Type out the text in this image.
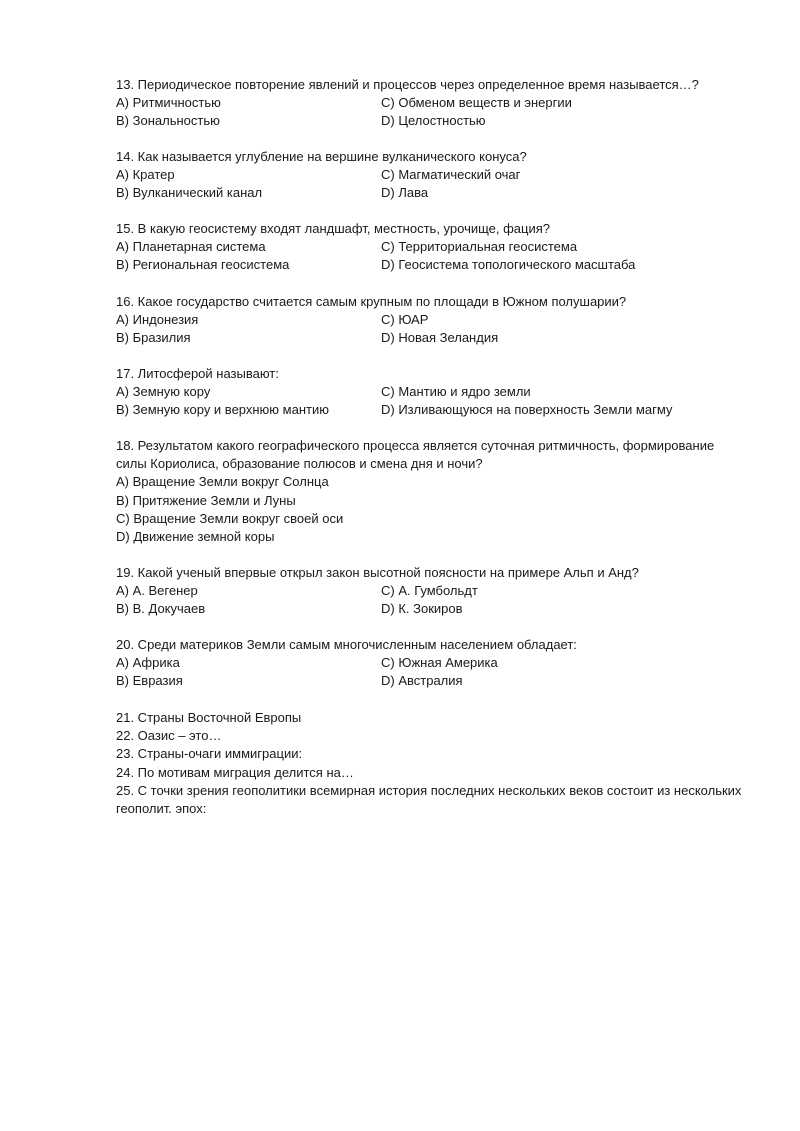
13. Периодическое повторение явлений и процессов через определенное время называется…?
А) Ритмичностью	С) Обменом веществ и энергии
В) Зональностью	D) Целостностью
14. Как называется углубление на вершине вулканического конуса?
А) Кратер	С) Магматический очаг
В) Вулканический канал	D) Лава
15. В какую геосистему входят ландшафт, местность, урочище, фация?
А) Планетарная система	С) Территориальная геосистема
В) Региональная геосистема	D) Геосистема топологического масштаба
16. Какое государство считается самым крупным по площади в Южном полушарии?
А) Индонезия	С) ЮАР
В) Бразилия	D) Новая Зеландия
17. Литосферой называют:
А) Земную кору	С) Мантию и ядро земли
В) Земную кору и верхнюю мантию	D) Изливающуюся на поверхность Земли магму
18. Результатом какого географического процесса является суточная ритмичность, формирование силы Кориолиса, образование полюсов и смена дня и ночи?
А) Вращение Земли вокруг Солнца
В) Притяжение Земли и Луны
С) Вращение Земли вокруг своей оси
D) Движение земной коры
19. Какой ученый впервые открыл закон высотной поясности на примере Альп и Анд?
А) А. Вегенер	С) А. Гумбольдт
В) В. Докучаев	D) К. Зокиров
20. Среди материков Земли самым многочисленным населением обладает:
А) Африка	С) Южная Америка
В) Евразия	D) Австралия
21. Страны Восточной Европы
22. Оазис – это…
23. Страны-очаги иммиграции:
24. По мотивам миграция делится на…
25. С точки зрения геополитики всемирная история последних нескольких веков состоит из нескольких геополит. эпох:
